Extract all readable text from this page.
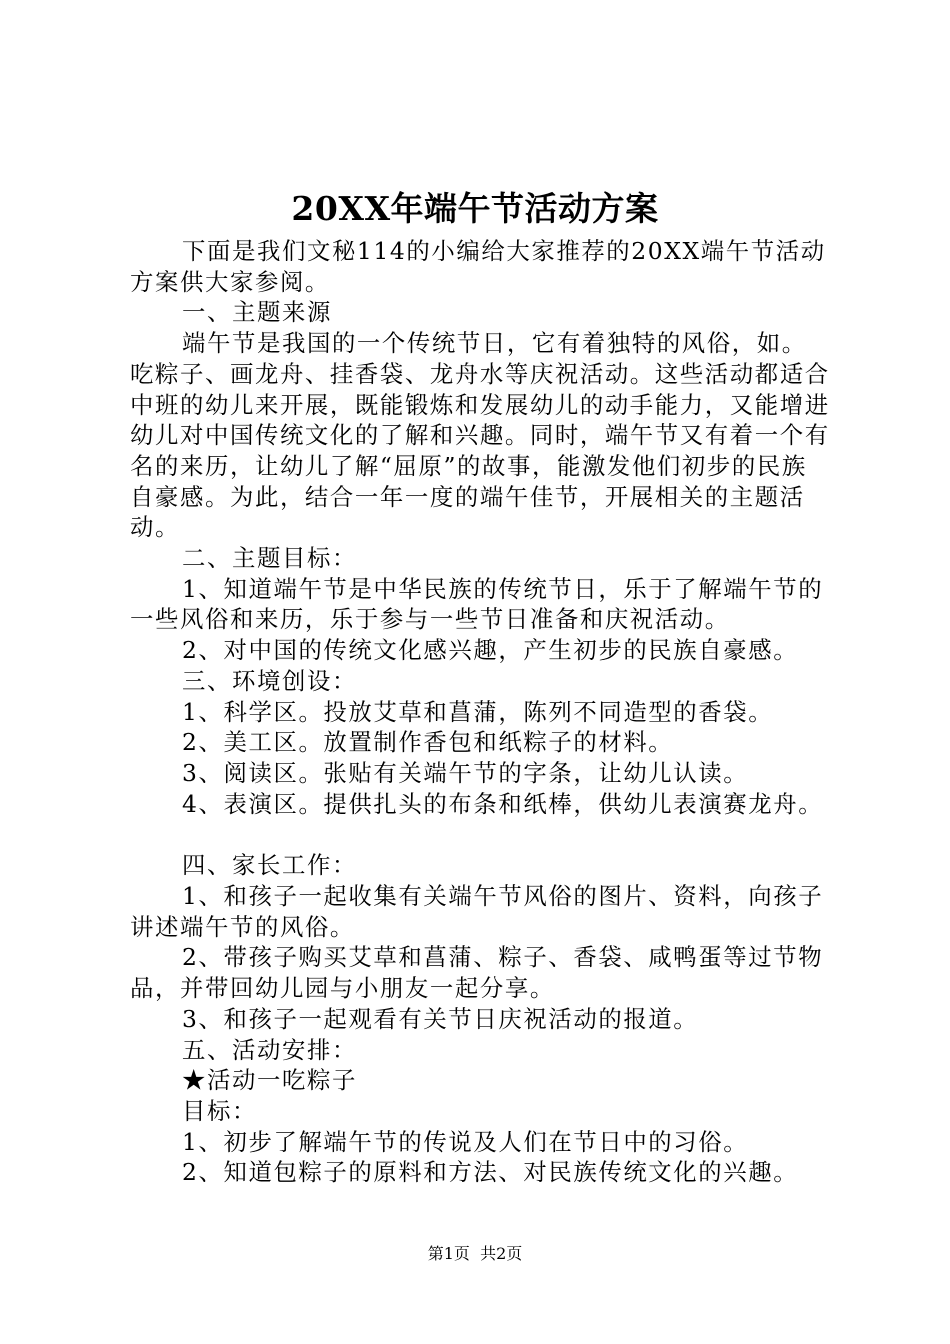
20XX年端午节活动方案

下面是我们文秘114的小编给大家推荐的20XX端午节活动方案供大家参阅。

一、主题来源

端午节是我国的一个传统节日，它有着独特的风俗，如。吃粽子、画龙舟、挂香袋、龙舟水等庆祝活动。这些活动都适合中班的幼儿来开展，既能锻炼和发展幼儿的动手能力，又能增进幼儿对中国传统文化的了解和兴趣。同时，端午节又有着一个有名的来历，让幼儿了解“屈原”的故事，能激发他们初步的民族自豪感。为此，结合一年一度的端午佳节，开展相关的主题活动。

二、主题目标：

1、知道端午节是中华民族的传统节日，乐于了解端午节的一些风俗和来历，乐于参与一些节日准备和庆祝活动。

2、对中国的传统文化感兴趣，产生初步的民族自豪感。

三、环境创设：

1、科学区。投放艾草和菖蒲，陈列不同造型的香袋。

2、美工区。放置制作香包和纸粽子的材料。

3、阅读区。张贴有关端午节的字条，让幼儿认读。

4、表演区。提供扎头的布条和纸棒，供幼儿表演赛龙舟。

四、家长工作：

1、和孩子一起收集有关端午节风俗的图片、资料，向孩子讲述端午节的风俗。

2、带孩子购买艾草和菖蒲、粽子、香袋、咸鸭蛋等过节物品，并带回幼儿园与小朋友一起分享。

3、和孩子一起观看有关节日庆祝活动的报道。

五、活动安排：

★活动一吃粽子

目标：

1、初步了解端午节的传说及人们在节日中的习俗。

2、知道包粽子的原料和方法、对民族传统文化的兴趣。

第1页  共2页
